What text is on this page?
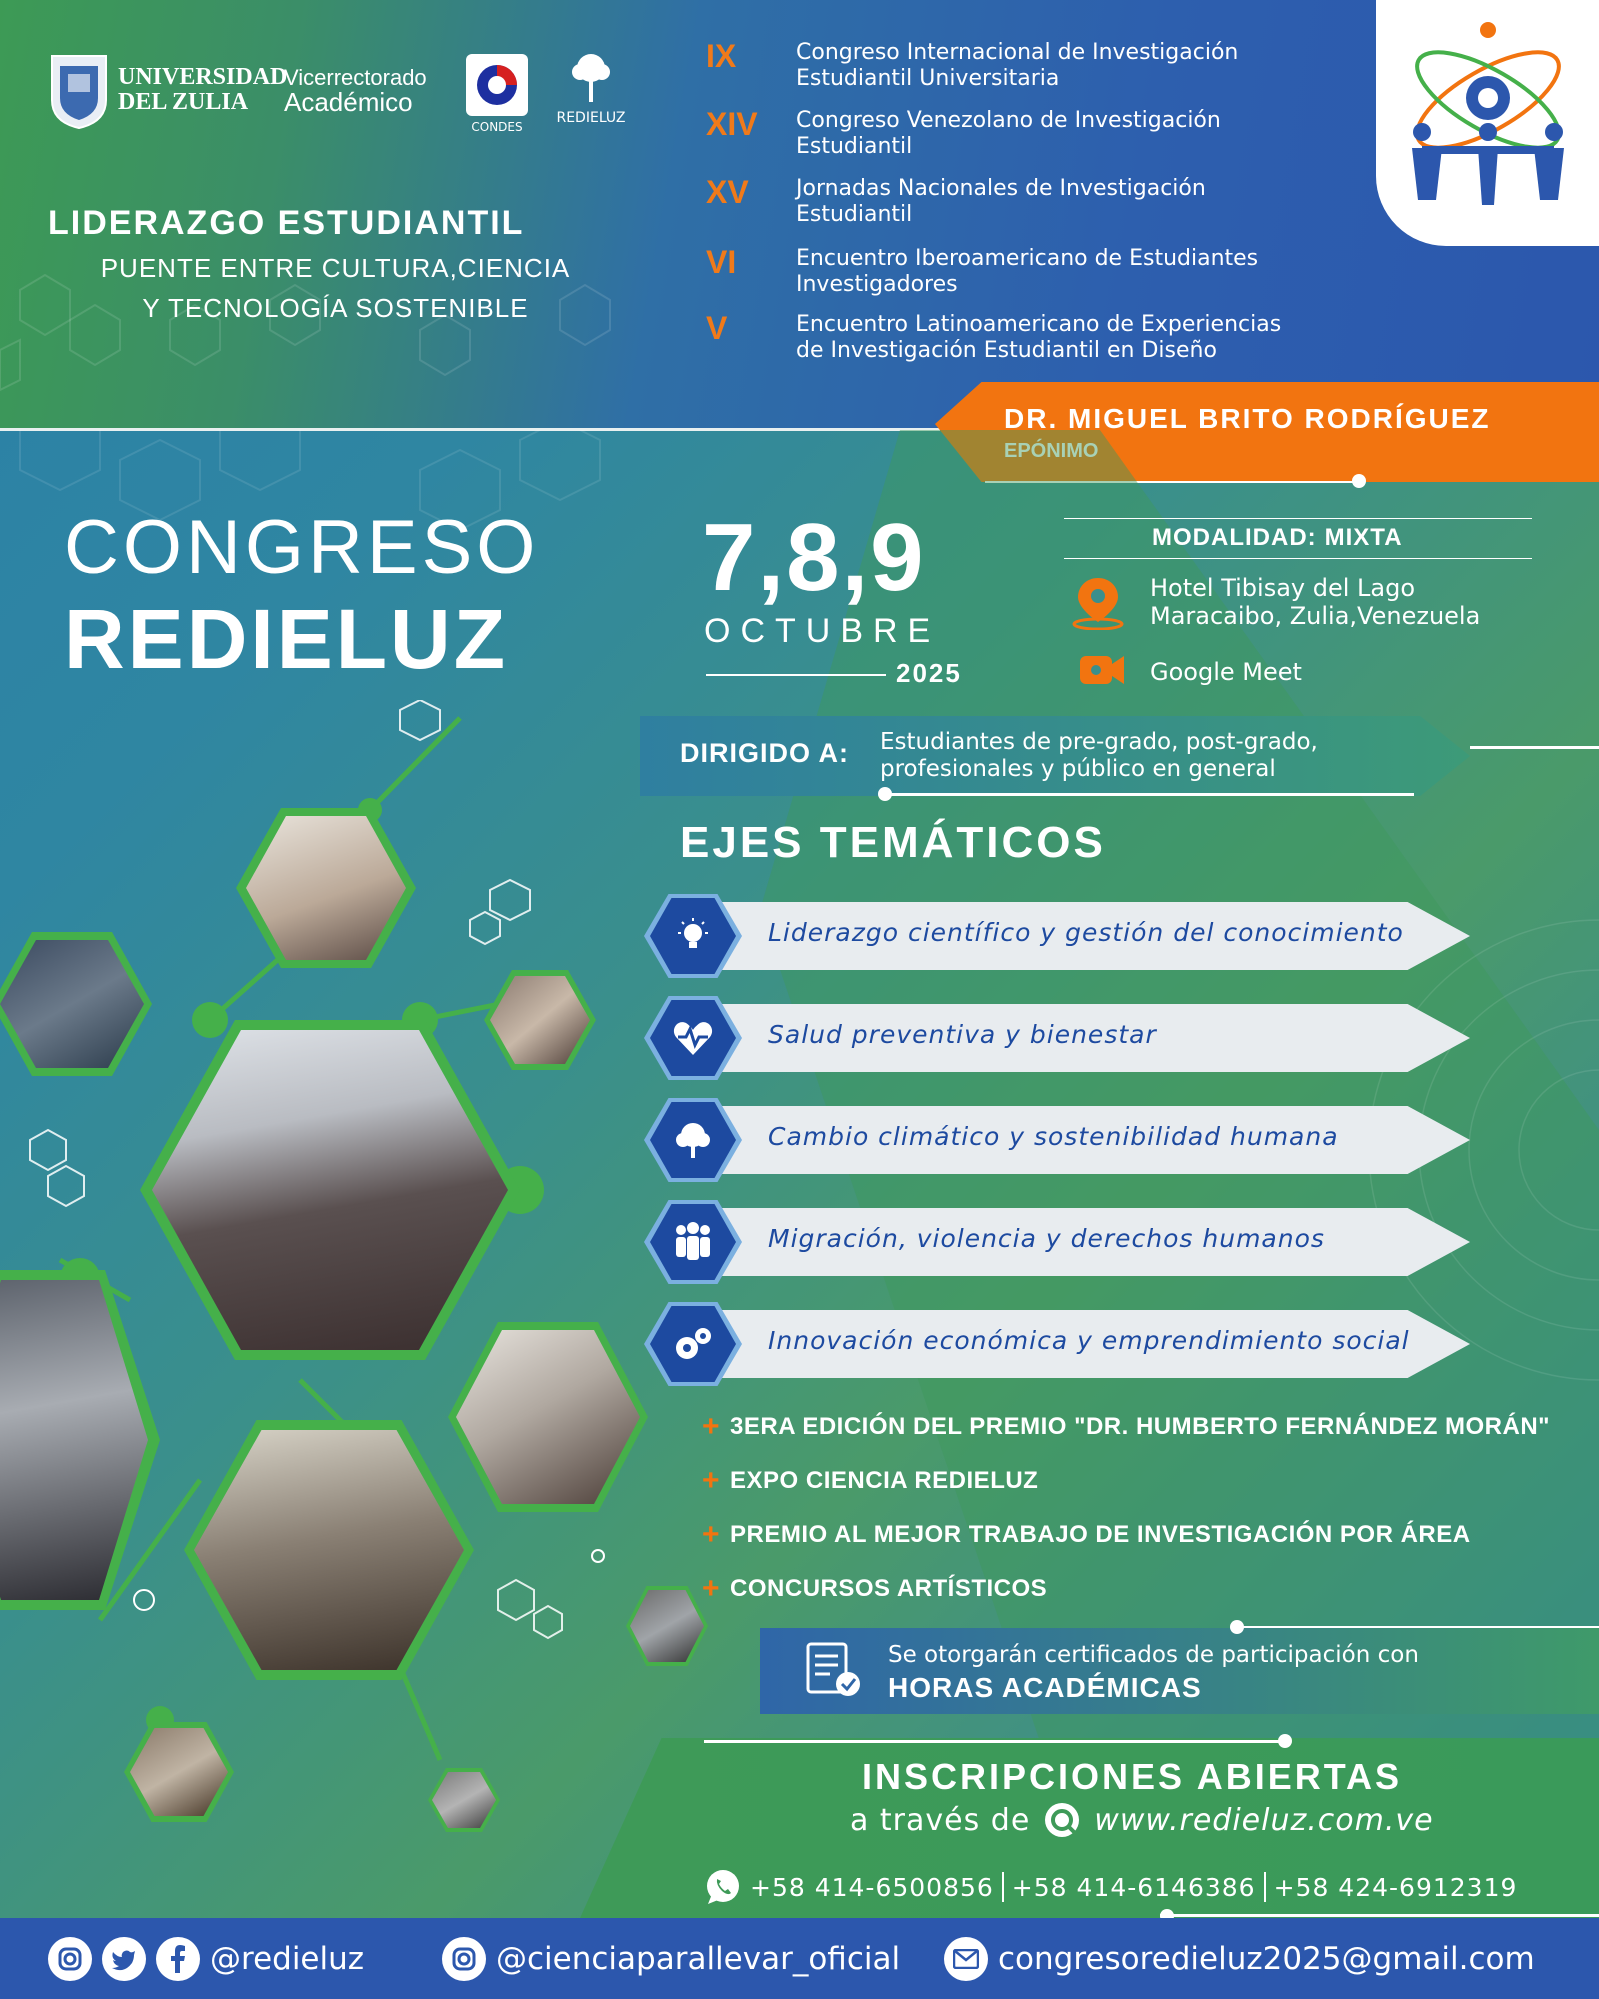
UNIVERSIDAD
DEL ZULIA
Vicerrectorado
Académico
CONDES
REDIELUZ
LIDERAZGO ESTUDIANTIL
PUENTE ENTRE CULTURA,CIENCIA
Y TECNOLOGÍA SOSTENIBLE
IX	Congreso Internacional de Investigación
Estudiantil Universitaria
XIV	Congreso Venezolano de Investigación
Estudiantil
XV	Jornadas Nacionales de Investigación
Estudiantil
VI	Encuentro Iberoamericano de Estudiantes
Investigadores
V	Encuentro Latinoamericano de Experiencias
de Investigación Estudiantil en Diseño
DR. MIGUEL BRITO RODRÍGUEZ
EPÓNIMO
CONGRESO
REDIELUZ
7,8,9
OCTUBRE
2025
MODALIDAD: MIXTA
Hotel Tibisay del Lago
Maracaibo, Zulia,Venezuela
Google Meet
DIRIGIDO A: Estudiantes de pre-grado, post-grado,
profesionales y público en general
EJES TEMÁTICOS
Liderazgo científico y gestión del conocimiento
Salud preventiva y bienestar
Cambio climático y sostenibilidad humana
Migración, violencia y derechos humanos
Innovación económica y emprendimiento social
+ 3ERA EDICIÓN DEL PREMIO "DR. HUMBERTO FERNÁNDEZ MORÁN"
+ EXPO CIENCIA REDIELUZ
+ PREMIO AL MEJOR TRABAJO DE INVESTIGACIÓN POR ÁREA
+ CONCURSOS ARTÍSTICOS
Se otorgarán certificados de participación con
HORAS ACADÉMICAS
INSCRIPCIONES ABIERTAS
a través de www.redieluz.com.ve
+58 414-6500856 +58 414-6146386 +58 424-6912319
@redieluz	@cienciaparallevar_oficial	congresoredieluz2025@gmail.com
